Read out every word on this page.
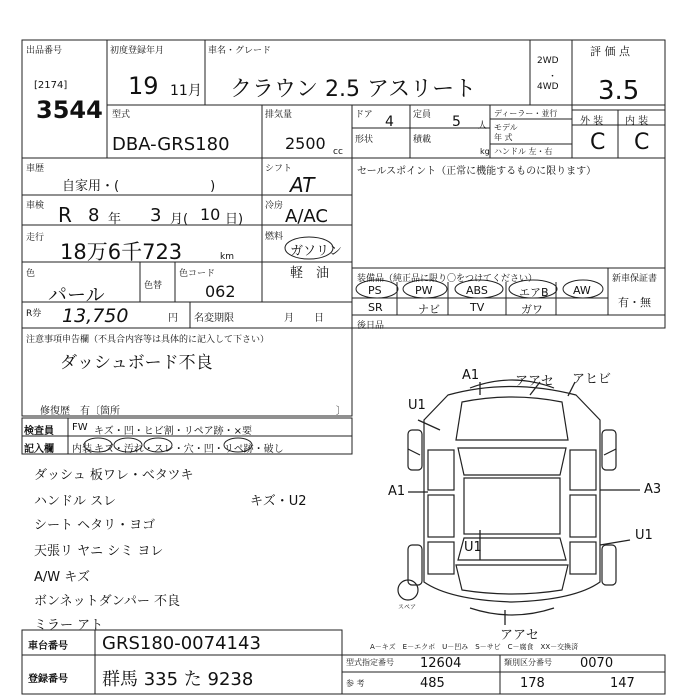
出品番号
[2174]
3544
初度登録年月
19 11月
車名・グレード
クラウン 2.5 アスリート
2WD
・
4WD
評 価 点
3.5
外 装 内 装
C C
型式
DBA-GRS180
排気量
2500 cc
ドア 4
形状
定員 5 人
積載
kg
ディーラー・並行
モデル
年 式
ハンドル 左・右
車歴
自家用・(　　　　　　　)
シフト
AT
車検 R 8 年 3 月( 10 日)
冷房 A/AC
走行
18万6千723	km
燃料
ガソリン
軽　油
色
パール	色替
色コード
062
R券 13,750	円 名変期限	月　　日
セールスポイント（正常に機能するものに限ります）
装備品（純正品に限り〇をつけてください）	新車保証書
有・無
PS	PW	ABS	エアB AW
SR	ナビ	TV	ガワ
後日品
注意事項申告欄（不具合内容等は具体的に記入して下さい）
ダッシュボード不良
修復歴　有〔箇所	〕
検査員
記入欄
FW キズ・凹・ヒビ割・リペア跡・×要
内装 キズ・汚れ・スレ・穴・凹・リペ跡・破し
ダッシュ 板ワレ・ベタツキ
ハンドル スレ
シート ヘタリ・ヨゴ
天張リ ヤニ シミ ヨレ
A/W キズ
ボンネットダンパー 不良
ミラー アト
キズ・U2
A1	アアセ アヒビ
U1
A1	A3
U1
U1
アアセ
スペア
A－キズ　E－エクボ　U－凹み　S－サビ　C－腐食　XX－交換済
車台番号 GRS180-0074143
登録番号 群馬 335 た 9238
型式指定番号 12604	類別区分番号 0070
参 考	485	178	147
